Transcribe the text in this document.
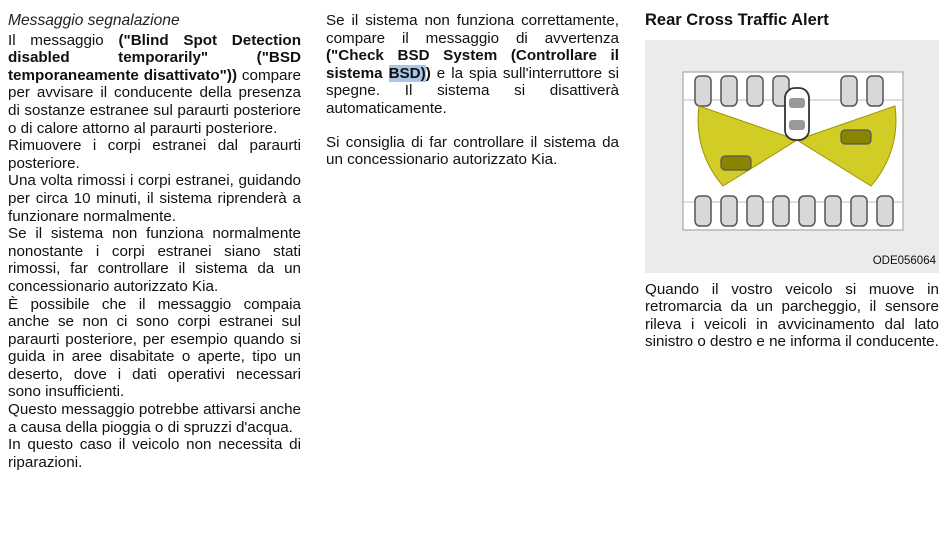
Messaggio segnalazione

Il messaggio ("Blind Spot Detection disabled temporarily" ("BSD temporaneamente disattivato")) compare per avvisare il conducente della presenza di sostanze estranee sul paraurti posteriore o di calore attorno al paraurti posteriore.

Rimuovere i corpi estranei dal paraurti posteriore.

Una volta rimossi i corpi estranei, guidando per circa 10 minuti, il sistema riprenderà a funzionare normalmente.

Se il sistema non funziona normalmente nonostante i corpi estranei siano stati rimossi, far controllare il sistema da un concessionario autorizzato Kia.

È possibile che il messaggio compaia anche se non ci sono corpi estranei sul paraurti posteriore, per esempio quando si guida in aree disabitate o aperte, tipo un deserto, dove i dati operativi necessari sono insufficienti.

Questo messaggio potrebbe attivarsi anche a causa della pioggia o di spruzzi d'acqua.

In questo caso il veicolo non necessita di riparazioni.

Se il sistema non funziona correttamente, compare il messaggio di avvertenza ("Check BSD System (Controllare il sistema BSD)) e la spia sull'interruttore si spegne. Il sistema si disattiverà automaticamente.

Si consiglia di far controllare il sistema da un concessionario autorizzato Kia.

Rear Cross Traffic Alert

ODE056064

Quando il vostro veicolo si muove in retromarcia da un parcheggio, il sensore rileva i veicoli in avvicinamento dal lato sinistro o destro e ne informa il conducente.
